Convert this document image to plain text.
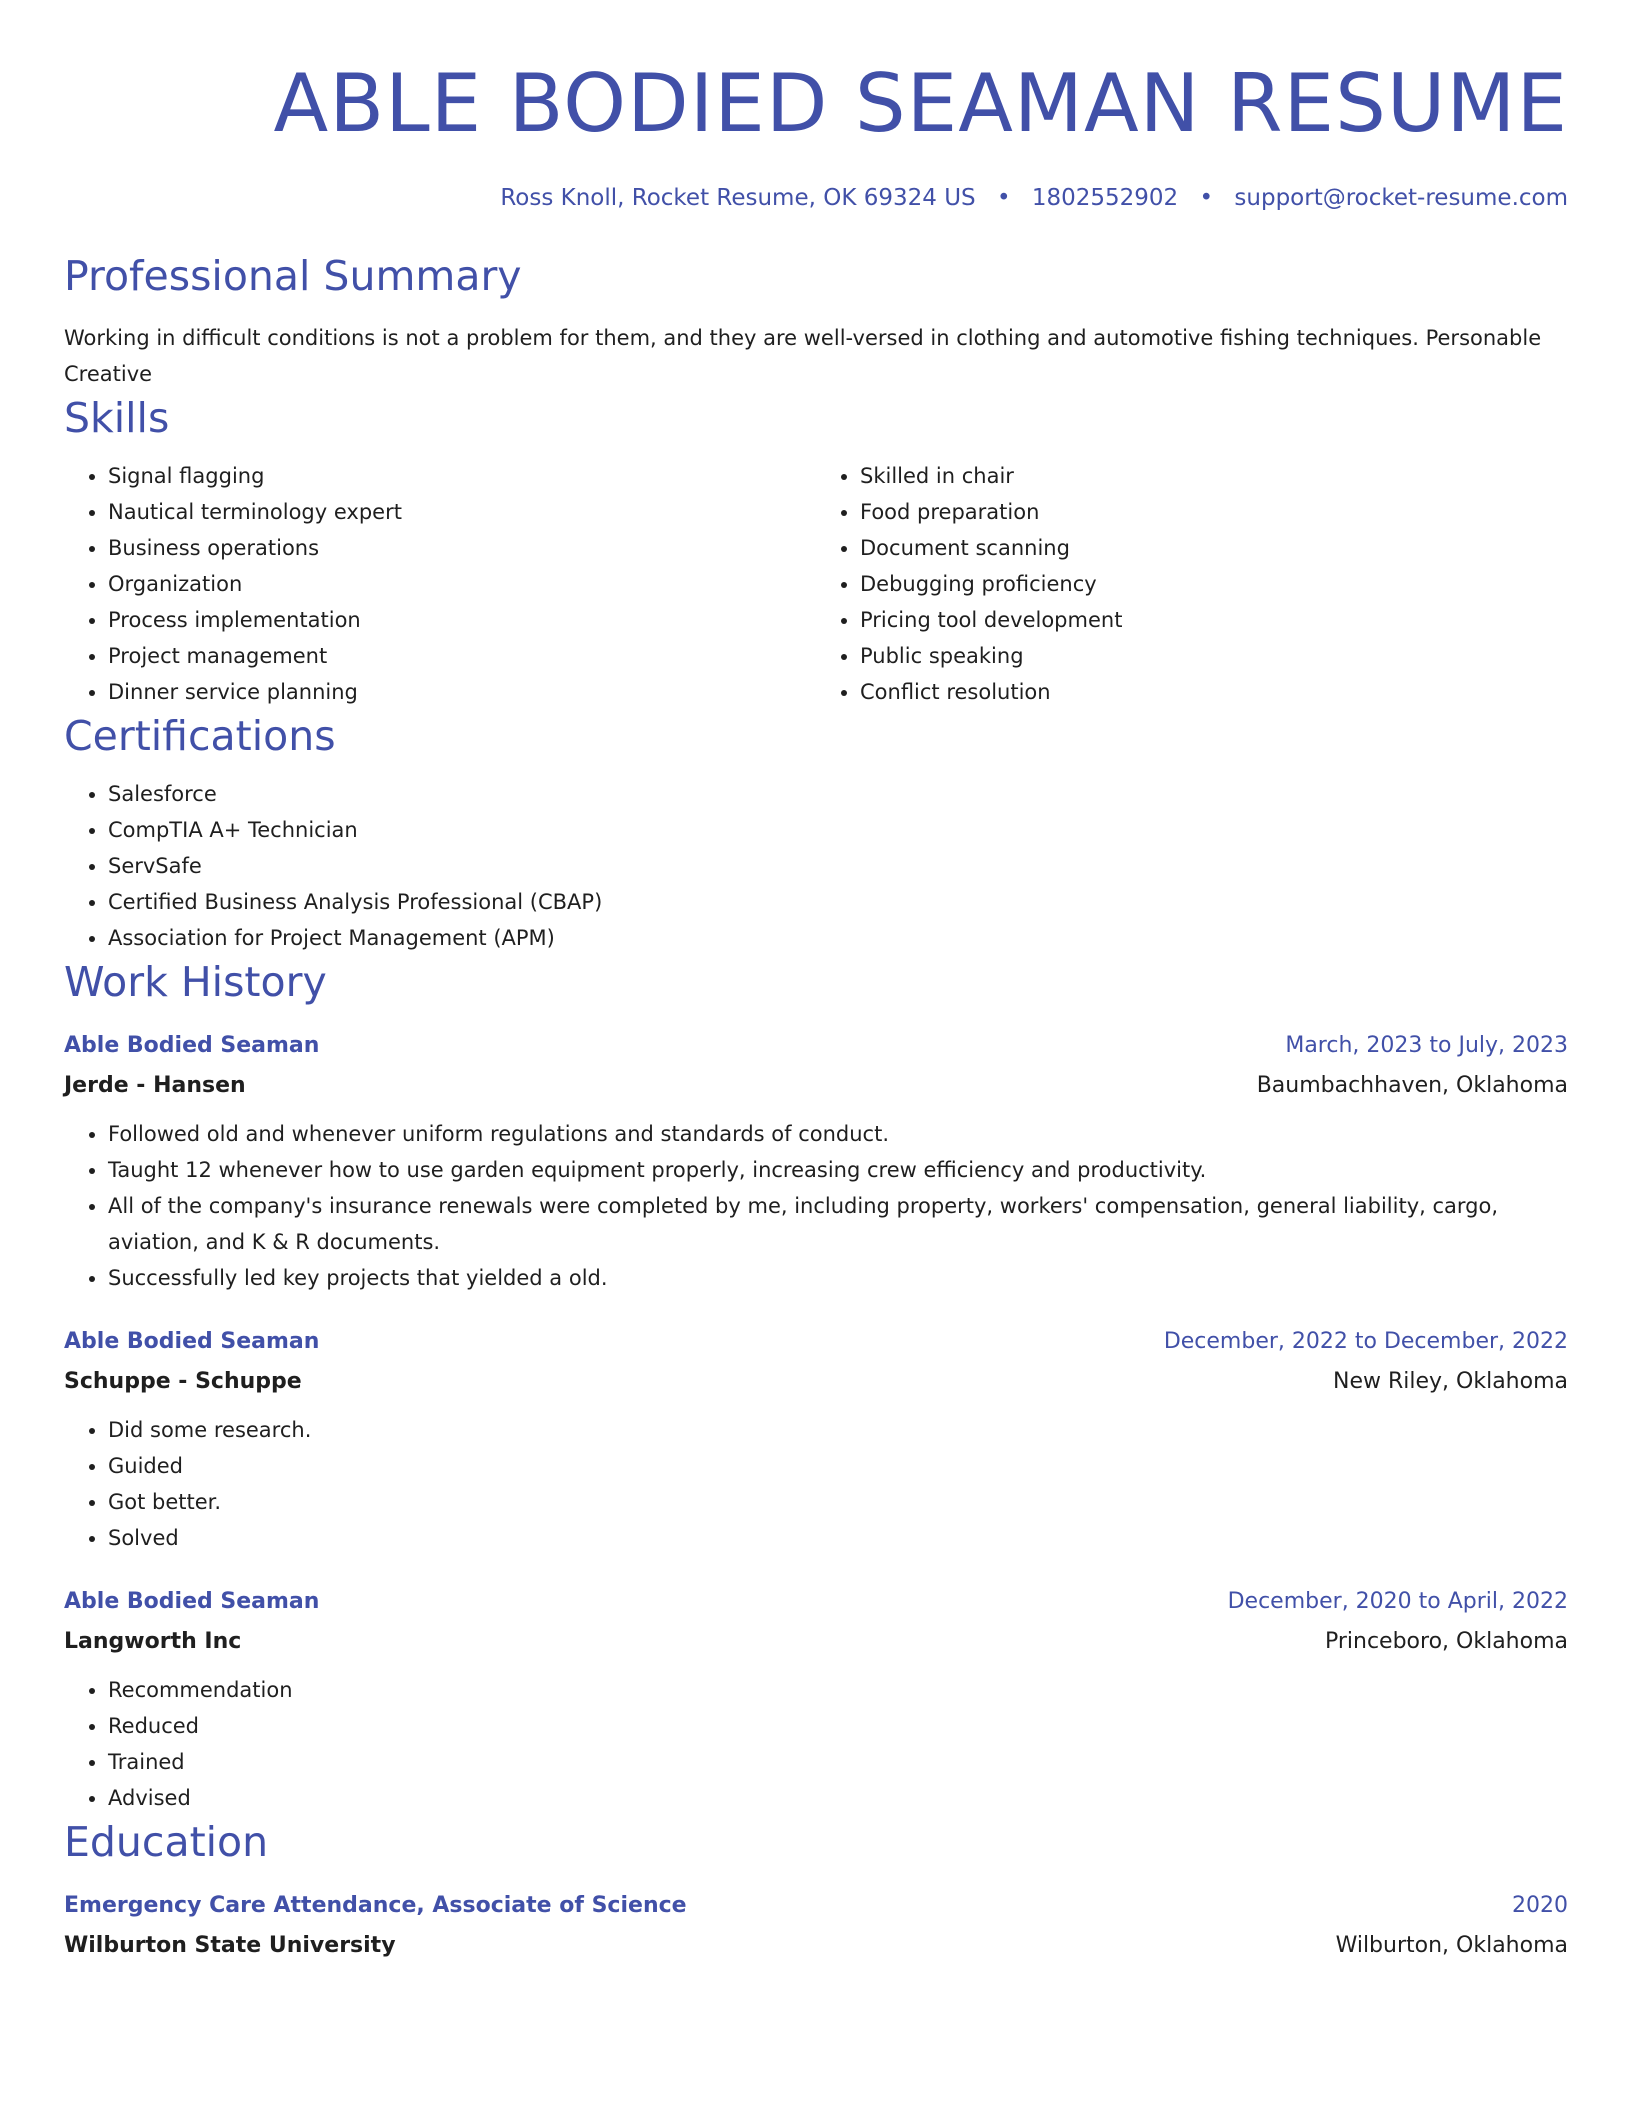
ABLE BODIED SEAMAN RESUME
Ross Knoll, Rocket Resume, OK 69324 US • 1802552902 • support@rocket-resume.com
Professional Summary

Working in difficult conditions is not a problem for them, and they are well-versed in clothing and automotive fishing techniques. Personable Creative

Skills
• Signal flagging
• Nautical terminology expert
• Business operations
• Organization
• Process implementation
• Project management
• Dinner service planning
• Skilled in chair
• Food preparation
• Document scanning
• Debugging proficiency
• Pricing tool development
• Public speaking
• Conflict resolution
Certifications
• Salesforce
• CompTIA A+ Technician
• ServSafe
• Certified Business Analysis Professional (CBAP)
• Association for Project Management (APM)
Work History
Able Bodied Seaman	March, 2023 to July, 2023
Jerde - Hansen	Baumbachhaven, Oklahoma
• Followed old and whenever uniform regulations and standards of conduct.
• Taught 12 whenever how to use garden equipment properly, increasing crew efficiency and productivity.
• All of the company's insurance renewals were completed by me, including property, workers' compensation, general liability, cargo, aviation, and K & R documents.
• Successfully led key projects that yielded a old.
Able Bodied Seaman	December, 2022 to December, 2022
Schuppe - Schuppe	New Riley, Oklahoma
• Did some research.
• Guided
• Got better.
• Solved
Able Bodied Seaman	December, 2020 to April, 2022
Langworth Inc	Princeboro, Oklahoma
• Recommendation
• Reduced
• Trained
• Advised
Education
Emergency Care Attendance, Associate of Science	2020
Wilburton State University	Wilburton, Oklahoma
